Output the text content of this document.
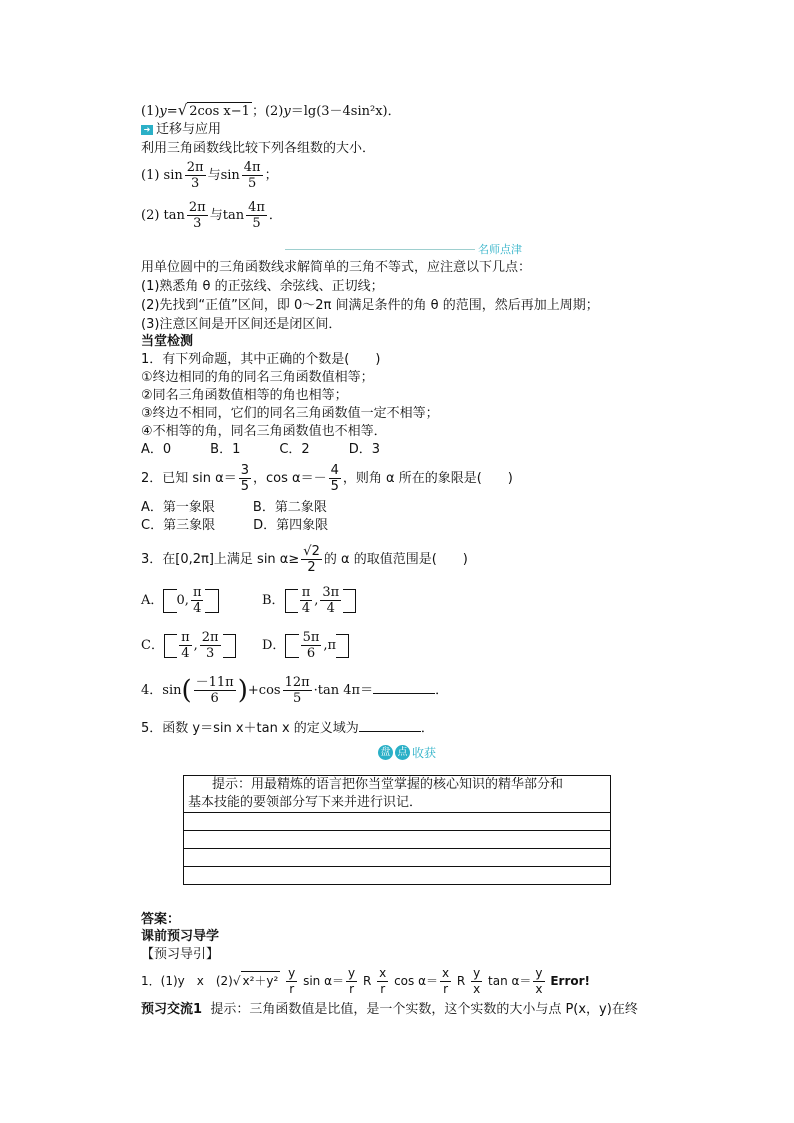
(1)y=√ 2cos x−1 ；(2)y＝lg(3－4sin²x)．
➜ 迁移与应用
利用三角函数线比较下列各组数的大小．
(1) $\sin \frac{2\pi}{3}$ 与$\sin \frac{4\pi}{5}$ ；
(2) $\tan \frac{2\pi}{3}$ 与$\tan \frac{4\pi}{5}$ ．
名师点津
用单位圆中的三角函数线求解简单的三角不等式，应注意以下几点：
(1)熟悉角 θ 的正弦线、余弦线、正切线；
(2)先找到“正值”区间，即 0～2π 间满足条件的角 θ 的范围，然后再加上周期；
(3)注意区间是开区间还是闭区间．
当堂检测
1．有下列命题，其中正确的个数是(　　)
①终边相同的角的同名三角函数值相等；
②同名三角函数值相等的角也相等；
③终边不相同，它们的同名三角函数值一定不相等；
④不相等的角，同名三角函数值也不相等．
A．0　　　B．1　　　C．2　　　D．3
2．已知 $\sin \alpha= \frac{3}{5}$ ，$\cos \alpha=- \frac{4}{5}$ ，则角 α 所在的象限是(　　)
A．第一象限	B．第二象限
C．第三象限	D．第四象限
3．在[0,2π]上满足 $\sin \alpha\ge \frac{√2}{2}$ 的 α 的取值范围是(　　)
A． 0, $\frac{\pi}{4}$
	B． $\frac{\pi}{4}$ , $\frac{3\pi}{4}$

C． $\frac{\pi}{4}$ , $\frac{2\pi}{3}$
	D． $\frac{5\pi}{6} ,\pi$
4．$\sin( \frac{-11\pi}{6} )+\cos \frac{12\pi}{5} \cdot\tan$ 4π＝	．
5．函数 y＝sin x＋tan x 的定义域为	．
盘 点 收获
提示：用最精炼的语言把你当堂掌握的核心知识的精华部分和
基本技能的要领部分写下来并进行识记．

答案：
课前预习导学
【预习导引】
1．(1)y　x　(2)√ $x^2+y^2 \frac{y}{r}$ $\sin \alpha= \frac{y}{r}$ R $\frac{x}{r}$ $\cos \alpha= \frac{x}{r}$ R $\frac{y}{x}$ $\tan \alpha= \frac{y}{x}$ Error!
预习交流1 提示：三角函数值是比值，是一个实数，这个实数的大小与点 P(x，y)在终
